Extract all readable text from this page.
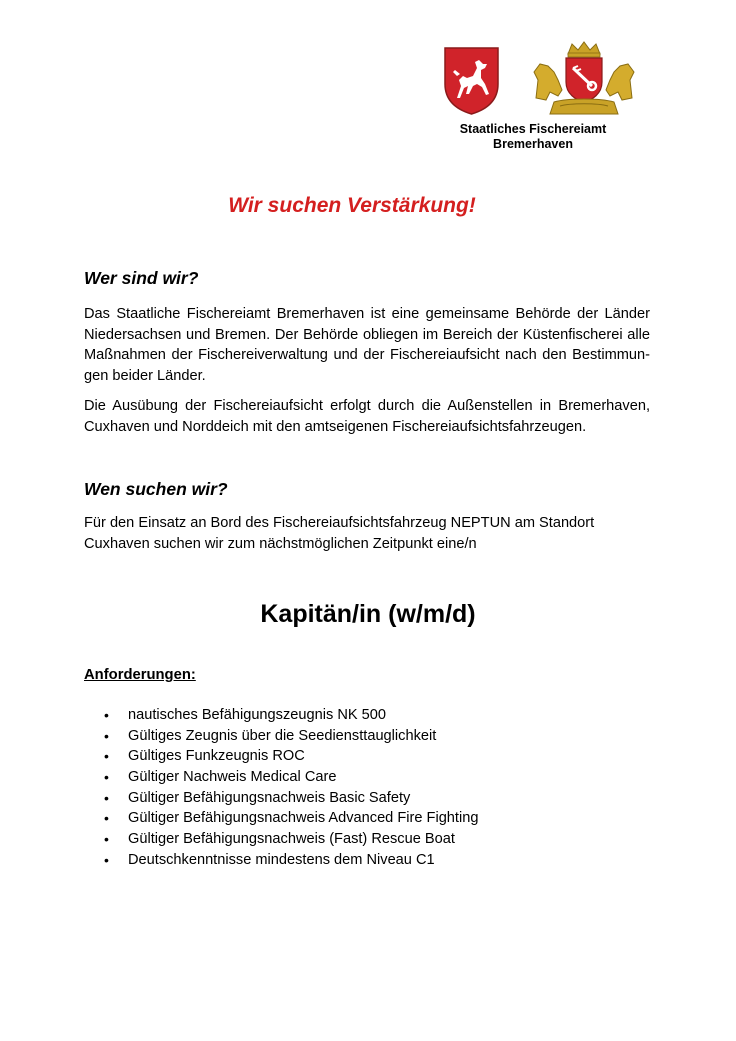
Staatliches Fischereiamt
Bremerhaven
Wir suchen Verstärkung!
Wer sind wir?
Das Staatliche Fischereiamt Bremerhaven ist eine gemeinsame Behörde der Länder
Niedersachsen und Bremen. Der Behörde obliegen im Bereich der Küstenfischerei alle
Maßnahmen der Fischereiverwaltung und der Fischereiaufsicht nach den Bestimmun-
gen beider Länder.
Die Ausübung der Fischereiaufsicht erfolgt durch die Außenstellen in Bremerhaven,
Cuxhaven und Norddeich mit den amtseigenen Fischereiaufsichtsfahrzeugen.
Wen suchen wir?
Für den Einsatz an Bord des Fischereiaufsichtsfahrzeug NEPTUN am Standort
Cuxhaven suchen wir zum nächstmöglichen Zeitpunkt eine/n
Kapitän/in (w/m/d)
Anforderungen:
• nautisches Befähigungszeugnis NK 500
• Gültiges Zeugnis über die Seediensttauglichkeit
• Gültiges Funkzeugnis ROC
• Gültiger Nachweis Medical Care
• Gültiger Befähigungsnachweis Basic Safety
• Gültiger Befähigungsnachweis Advanced Fire Fighting
• Gültiger Befähigungsnachweis (Fast) Rescue Boat
• Deutschkenntnisse mindestens dem Niveau C1
